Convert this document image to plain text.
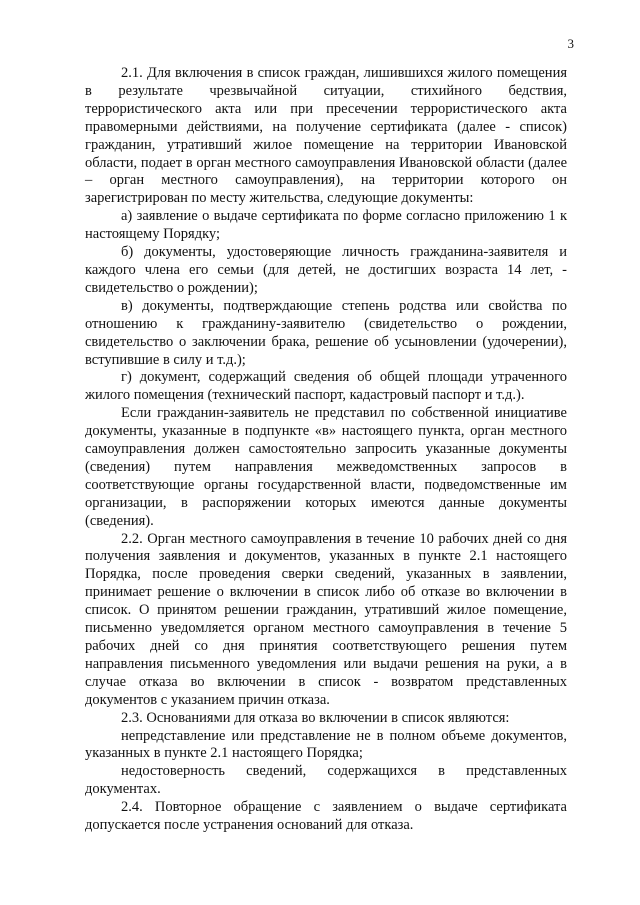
3

2.1. Для включения в список граждан, лишившихся жилого помещения в результате чрезвычайной ситуации, стихийного бедствия, террористического акта или при пресечении террористического акта правомерными действиями, на получение сертификата (далее - список) гражданин, утративший жилое помещение на территории Ивановской области, подает в орган местного самоуправления Ивановской области (далее – орган местного самоуправления), на территории которого он зарегистрирован по месту жительства, следующие документы:

а) заявление о выдаче сертификата по форме согласно приложению 1 к настоящему Порядку;

б) документы, удостоверяющие личность гражданина-заявителя и каждого члена его семьи (для детей, не достигших возраста 14 лет, - свидетельство о рождении);

в) документы, подтверждающие степень родства или свойства по отношению к гражданину-заявителю (свидетельство о рождении, свидетельство о заключении брака, решение об усыновлении (удочерении), вступившие в силу и т.д.);

г) документ, содержащий сведения об общей площади утраченного жилого помещения (технический паспорт, кадастровый паспорт и т.д.).

Если гражданин-заявитель не представил по собственной инициативе документы, указанные в подпункте «в» настоящего пункта, орган местного самоуправления должен самостоятельно запросить указанные документы (сведения) путем направления межведомственных запросов в соответствующие органы государственной власти, подведомственные им организации, в распоряжении которых имеются данные документы (сведения).

2.2. Орган местного самоуправления в течение 10 рабочих дней со дня получения заявления и документов, указанных в пункте 2.1 настоящего Порядка, после проведения сверки сведений, указанных в заявлении, принимает решение о включении в список либо об отказе во включении в список. О принятом решении гражданин, утративший жилое помещение, письменно уведомляется органом местного самоуправления в течение 5 рабочих дней со дня принятия соответствующего решения путем направления письменного уведомления или выдачи решения на руки, а в случае отказа во включении в список - возвратом представленных документов с указанием причин отказа.

2.3. Основаниями для отказа во включении в список являются:

непредставление или представление не в полном объеме документов, указанных в пункте 2.1 настоящего Порядка;

недостоверность сведений, содержащихся в представленных документах.

2.4. Повторное обращение с заявлением о выдаче сертификата допускается после устранения оснований для отказа.
